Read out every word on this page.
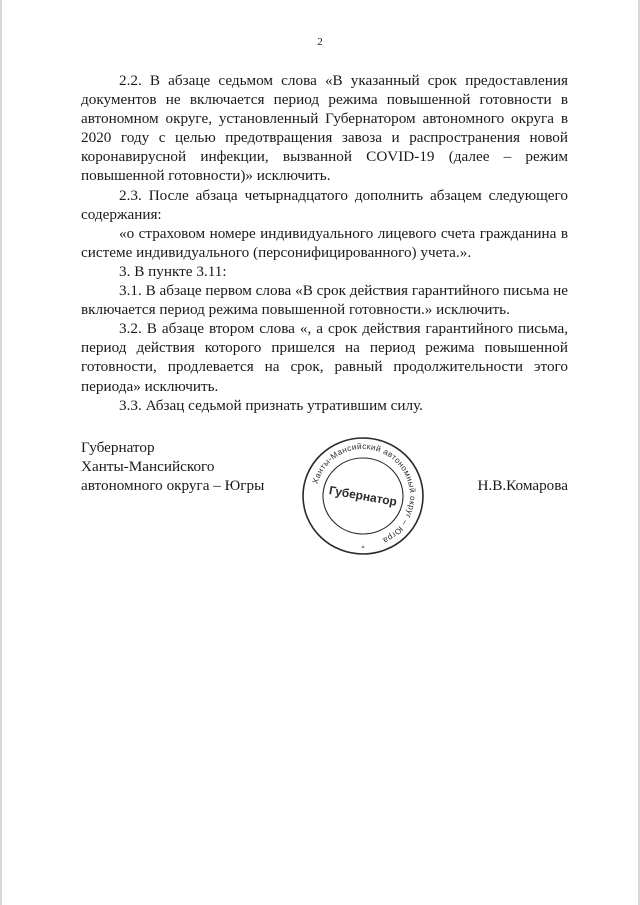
2

2.2. В абзаце седьмом слова «В указанный срок предоставления документов не включается период режима повышенной готовности в автономном округе, установленный Губернатором автономного округа в 2020 году с целью предотвращения завоза и распространения новой коронавирусной инфекции, вызванной COVID-19 (далее – режим повышенной готовности)» исключить.

2.3. После абзаца четырнадцатого дополнить абзацем следующего содержания:

«о страховом номере индивидуального лицевого счета гражданина в системе индивидуального (персонифицированного) учета.».

3. В пункте 3.11:

3.1. В абзаце первом слова «В срок действия гарантийного письма не включается период режима повышенной готовности.» исключить.

3.2. В абзаце втором слова «, а срок действия гарантийного письма, период действия которого пришелся на период режима повышенной готовности, продлевается на срок, равный продолжительности этого периода» исключить.

3.3. Абзац седьмой признать утратившим силу.

Губернатор
Ханты-Мансийского
автономного округа – Югры	Ханты-Мансийский автономный округ – Югра
Губернатор
*
Н.В.Комарова
